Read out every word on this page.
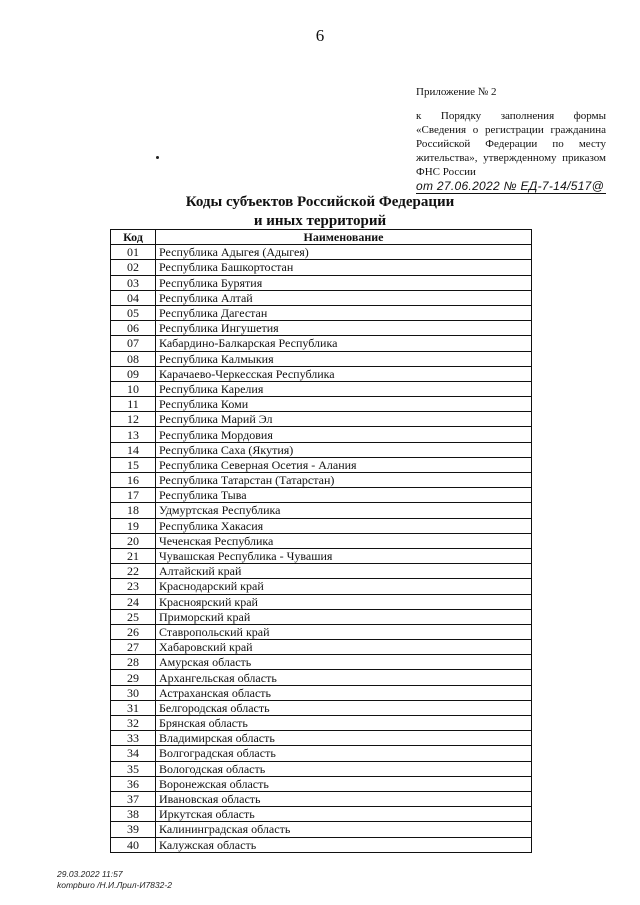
6
Приложение № 2
к Порядку заполнения формы «Сведения о регистрации гражданина Российской Федерации по месту жительства», утвержденному приказом ФНС России
от 27.06.2022 № ЕД-7-14/517@
Коды субъектов Российской Федерации
и иных территорий
Код	Наименование
01	Республика Адыгея (Адыгея)
02	Республика Башкортостан
03	Республика Бурятия
04	Республика Алтай
05	Республика Дагестан
06	Республика Ингушетия
07	Кабардино-Балкарская Республика
08	Республика Калмыкия
09	Карачаево-Черкесская Республика
10	Республика Карелия
11	Республика Коми
12	Республика Марий Эл
13	Республика Мордовия
14	Республика Саха (Якутия)
15	Республика Северная Осетия - Алания
16	Республика Татарстан (Татарстан)
17	Республика Тыва
18	Удмуртская Республика
19	Республика Хакасия
20	Чеченская Республика
21	Чувашская Республика - Чувашия
22	Алтайский край
23	Краснодарский край
24	Красноярский край
25	Приморский край
26	Ставропольский край
27	Хабаровский край
28	Амурская область
29	Архангельская область
30	Астраханская область
31	Белгородская область
32	Брянская область
33	Владимирская область
34	Волгоградская область
35	Вологодская область
36	Воронежская область
37	Ивановская область
38	Иркутская область
39	Калининградская область
40	Калужская область
29.03.2022 11:57
kompburo /Н.И.Лрил-И7832-2
